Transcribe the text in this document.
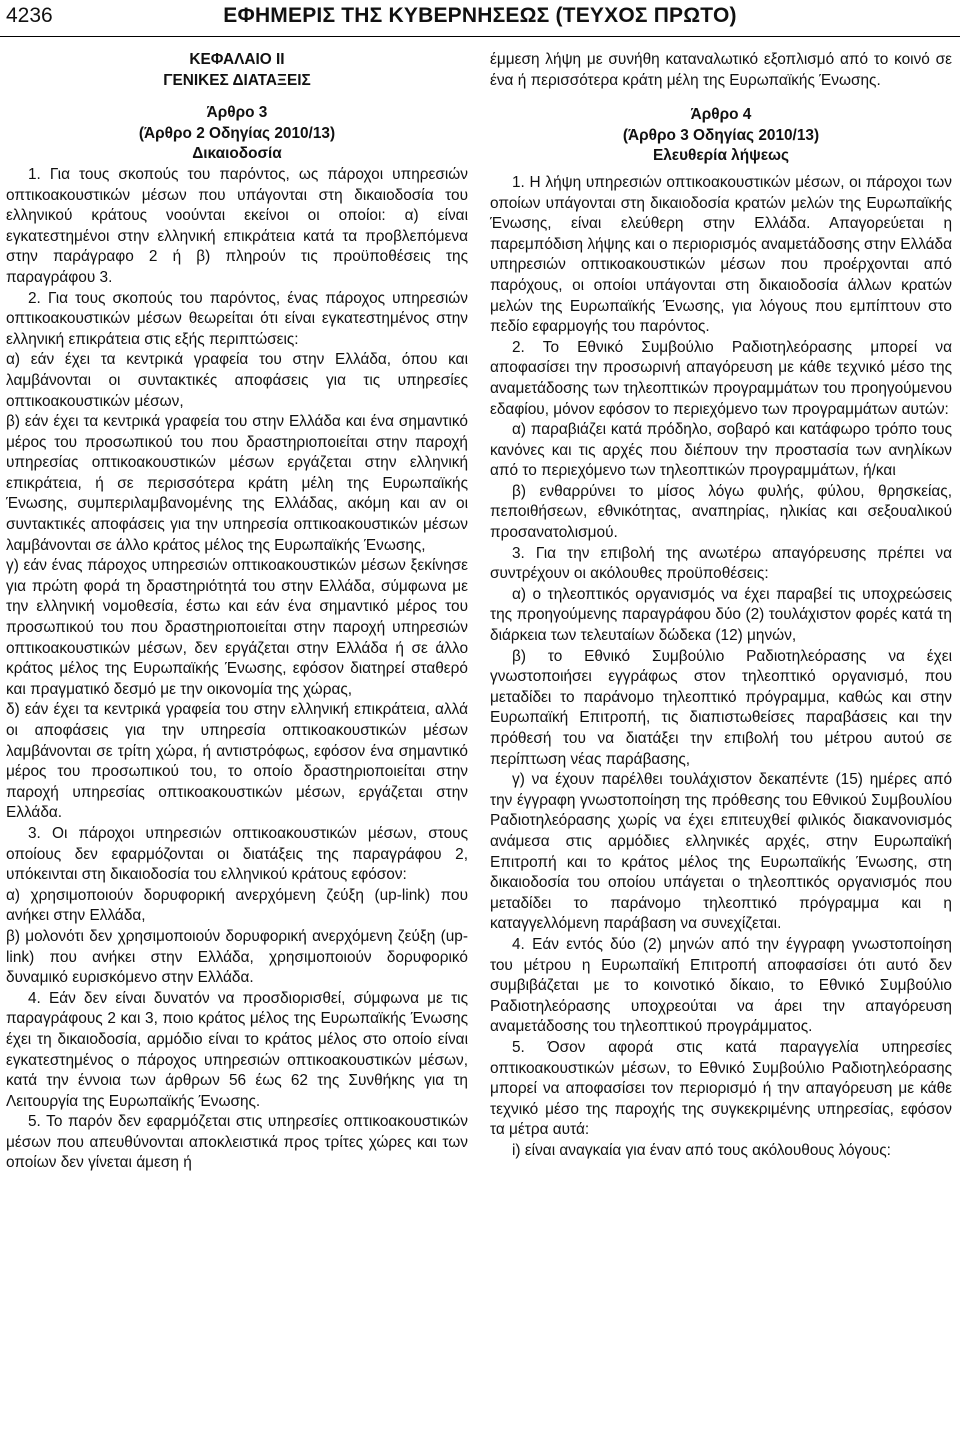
4236	ΕΦΗΜΕΡΙΣ ΤΗΣ ΚΥΒΕΡΝΗΣΕΩΣ (ΤΕΥΧΟΣ ΠΡΩΤΟ)
ΚΕΦΑΛΑΙΟ ΙΙ
ΓΕΝΙΚΕΣ ΔΙΑΤΑΞΕΙΣ
Άρθρο 3
(Άρθρο 2 Οδηγίας 2010/13)
Δικαιοδοσία
1. Για τους σκοπούς του παρόντος, ως πάροχοι υπηρεσιών οπτικοακουστικών μέσων που υπάγονται στη δικαιοδοσία του ελληνικού κράτους νοούνται εκείνοι οι οποίοι: α) είναι εγκατεστημένοι στην ελληνική επικράτεια κατά τα προβλεπόμενα στην παράγραφο 2 ή β) πληρούν τις προϋποθέσεις της παραγράφου 3.
2. Για τους σκοπούς του παρόντος, ένας πάροχος υπηρεσιών οπτικοακουστικών μέσων θεωρείται ότι είναι εγκατεστημένος στην ελληνική επικράτεια στις εξής περιπτώσεις:
α) εάν έχει τα κεντρικά γραφεία του στην Ελλάδα, όπου και λαμβάνονται οι συντακτικές αποφάσεις για τις υπηρεσίες οπτικοακουστικών μέσων,
β) εάν έχει τα κεντρικά γραφεία του στην Ελλάδα και ένα σημαντικό μέρος του προσωπικού του που δραστηριοποιείται στην παροχή υπηρεσίας οπτικοακουστικών μέσων εργάζεται στην ελληνική επικράτεια, ή σε περισσότερα κράτη μέλη της Ευρωπαϊκής Ένωσης, συμπεριλαμβανομένης της Ελλάδας, ακόμη και αν οι συντακτικές αποφάσεις για την υπηρεσία οπτικοακουστικών μέσων λαμβάνονται σε άλλο κράτος μέλος της Ευρωπαϊκής Ένωσης,
γ) εάν ένας πάροχος υπηρεσιών οπτικοακουστικών μέσων ξεκίνησε για πρώτη φορά τη δραστηριότητά του στην Ελλάδα, σύμφωνα με την ελληνική νομοθεσία, έστω και εάν ένα σημαντικό μέρος του προσωπικού του που δραστηριοποιείται στην παροχή υπηρεσιών οπτικοακουστικών μέσων, δεν εργάζεται στην Ελλάδα ή σε άλλο κράτος μέλος της Ευρωπαϊκής Ένωσης, εφόσον διατηρεί σταθερό και πραγματικό δεσμό με την οικονομία της χώρας,
δ) εάν έχει τα κεντρικά γραφεία του στην ελληνική επικράτεια, αλλά οι αποφάσεις για την υπηρεσία οπτικοακουστικών μέσων λαμβάνονται σε τρίτη χώρα, ή αντιστρόφως, εφόσον ένα σημαντικό μέρος του προσωπικού του, το οποίο δραστηριοποιείται στην παροχή υπηρεσίας οπτικοακουστικών μέσων, εργάζεται στην Ελλάδα.
3. Οι πάροχοι υπηρεσιών οπτικοακουστικών μέσων, στους οποίους δεν εφαρμόζονται οι διατάξεις της παραγράφου 2, υπόκεινται στη δικαιοδοσία του ελληνικού κράτους εφόσον:
α) χρησιμοποιούν δορυφορική ανερχόμενη ζεύξη (up-link) που ανήκει στην Ελλάδα,
β) μολονότι δεν χρησιμοποιούν δορυφορική ανερχόμενη ζεύξη (up-link) που ανήκει στην Ελλάδα, χρησιμοποιούν δορυφορικό δυναμικό ευρισκόμενο στην Ελλάδα.
4. Εάν δεν είναι δυνατόν να προσδιορισθεί, σύμφωνα με τις παραγράφους 2 και 3, ποιο κράτος μέλος της Ευρωπαϊκής Ένωσης έχει τη δικαιοδοσία, αρμόδιο είναι το κράτος μέλος στο οποίο είναι εγκατεστημένος ο πάροχος υπηρεσιών οπτικοακουστικών μέσων, κατά την έννοια των άρθρων 56 έως 62 της Συνθήκης για τη Λειτουργία της Ευρωπαϊκής Ένωσης.
5. Το παρόν δεν εφαρμόζεται στις υπηρεσίες οπτικοακουστικών μέσων που απευθύνονται αποκλειστικά προς τρίτες χώρες και των οποίων δεν γίνεται άμεση ή
έμμεση λήψη με συνήθη καταναλωτικό εξοπλισμό από το κοινό σε ένα ή περισσότερα κράτη μέλη της Ευρωπαϊκής Ένωσης.
Άρθρο 4
(Άρθρο 3 Οδηγίας 2010/13)
Ελευθερία λήψεως
1. Η λήψη υπηρεσιών οπτικοακουστικών μέσων, οι πάροχοι των οποίων υπάγονται στη δικαιοδοσία κρατών μελών της Ευρωπαϊκής Ένωσης, είναι ελεύθερη στην Ελλάδα. Απαγορεύεται η παρεμπόδιση λήψης και ο περιορισμός αναμετάδοσης στην Ελλάδα υπηρεσιών οπτικοακουστικών μέσων που προέρχονται από παρόχους, οι οποίοι υπάγονται στη δικαιοδοσία άλλων κρατών μελών της Ευρωπαϊκής Ένωσης, για λόγους που εμπίπτουν στο πεδίο εφαρμογής του παρόντος.
2. Το Εθνικό Συμβούλιο Ραδιοτηλεόρασης μπορεί να αποφασίσει την προσωρινή απαγόρευση με κάθε τεχνικό μέσο της αναμετάδοσης των τηλεοπτικών προγραμμάτων του προηγούμενου εδαφίου, μόνον εφόσον το περιεχόμενο των προγραμμάτων αυτών:
α) παραβιάζει κατά πρόδηλο, σοβαρό και κατάφωρο τρόπο τους κανόνες και τις αρχές που διέπουν την προστασία των ανηλίκων από το περιεχόμενο των τηλεοπτικών προγραμμάτων, ή/και
β) ενθαρρύνει το μίσος λόγω φυλής, φύλου, θρησκείας, πεποιθήσεων, εθνικότητας, αναπηρίας, ηλικίας και σεξουαλικού προσανατολισμού.
3. Για την επιβολή της ανωτέρω απαγόρευσης πρέπει να συντρέχουν οι ακόλουθες προϋποθέσεις:
α) ο τηλεοπτικός οργανισμός να έχει παραβεί τις υποχρεώσεις της προηγούμενης παραγράφου δύο (2) τουλάχιστον φορές κατά τη διάρκεια των τελευταίων δώδεκα (12) μηνών,
β) το Εθνικό Συμβούλιο Ραδιοτηλεόρασης να έχει γνωστοποιήσει εγγράφως στον τηλεοπτικό οργανισμό, που μεταδίδει το παράνομο τηλεοπτικό πρόγραμμα, καθώς και στην Ευρωπαϊκή Επιτροπή, τις διαπιστωθείσες παραβάσεις και την πρόθεσή του να διατάξει την επιβολή του μέτρου αυτού σε περίπτωση νέας παράβασης,
γ) να έχουν παρέλθει τουλάχιστον δεκαπέντε (15) ημέρες από την έγγραφη γνωστοποίηση της πρόθεσης του Εθνικού Συμβουλίου Ραδιοτηλεόρασης χωρίς να έχει επιτευχθεί φιλικός διακανονισμός ανάμεσα στις αρμόδιες ελληνικές αρχές, στην Ευρωπαϊκή Επιτροπή και το κράτος μέλος της Ευρωπαϊκής Ένωσης, στη δικαιοδοσία του οποίου υπάγεται ο τηλεοπτικός οργανισμός που μεταδίδει το παράνομο τηλεοπτικό πρόγραμμα και η καταγγελλόμενη παράβαση να συνεχίζεται.
4. Εάν εντός δύο (2) μηνών από την έγγραφη γνωστοποίηση του μέτρου η Ευρωπαϊκή Επιτροπή αποφασίσει ότι αυτό δεν συμβιβάζεται με το κοινοτικό δίκαιο, το Εθνικό Συμβούλιο Ραδιοτηλεόρασης υποχρεούται να άρει την απαγόρευση αναμετάδοσης του τηλεοπτικού προγράμματος.
5. Όσον αφορά στις κατά παραγγελία υπηρεσίες οπτικοακουστικών μέσων, το Εθνικό Συμβούλιο Ραδιοτηλεόρασης μπορεί να αποφασίσει τον περιορισμό ή την απαγόρευση με κάθε τεχνικό μέσο της παροχής της συγκεκριμένης υπηρεσίας, εφόσον τα μέτρα αυτά:
i) είναι αναγκαία για έναν από τους ακόλουθους λόγους:
